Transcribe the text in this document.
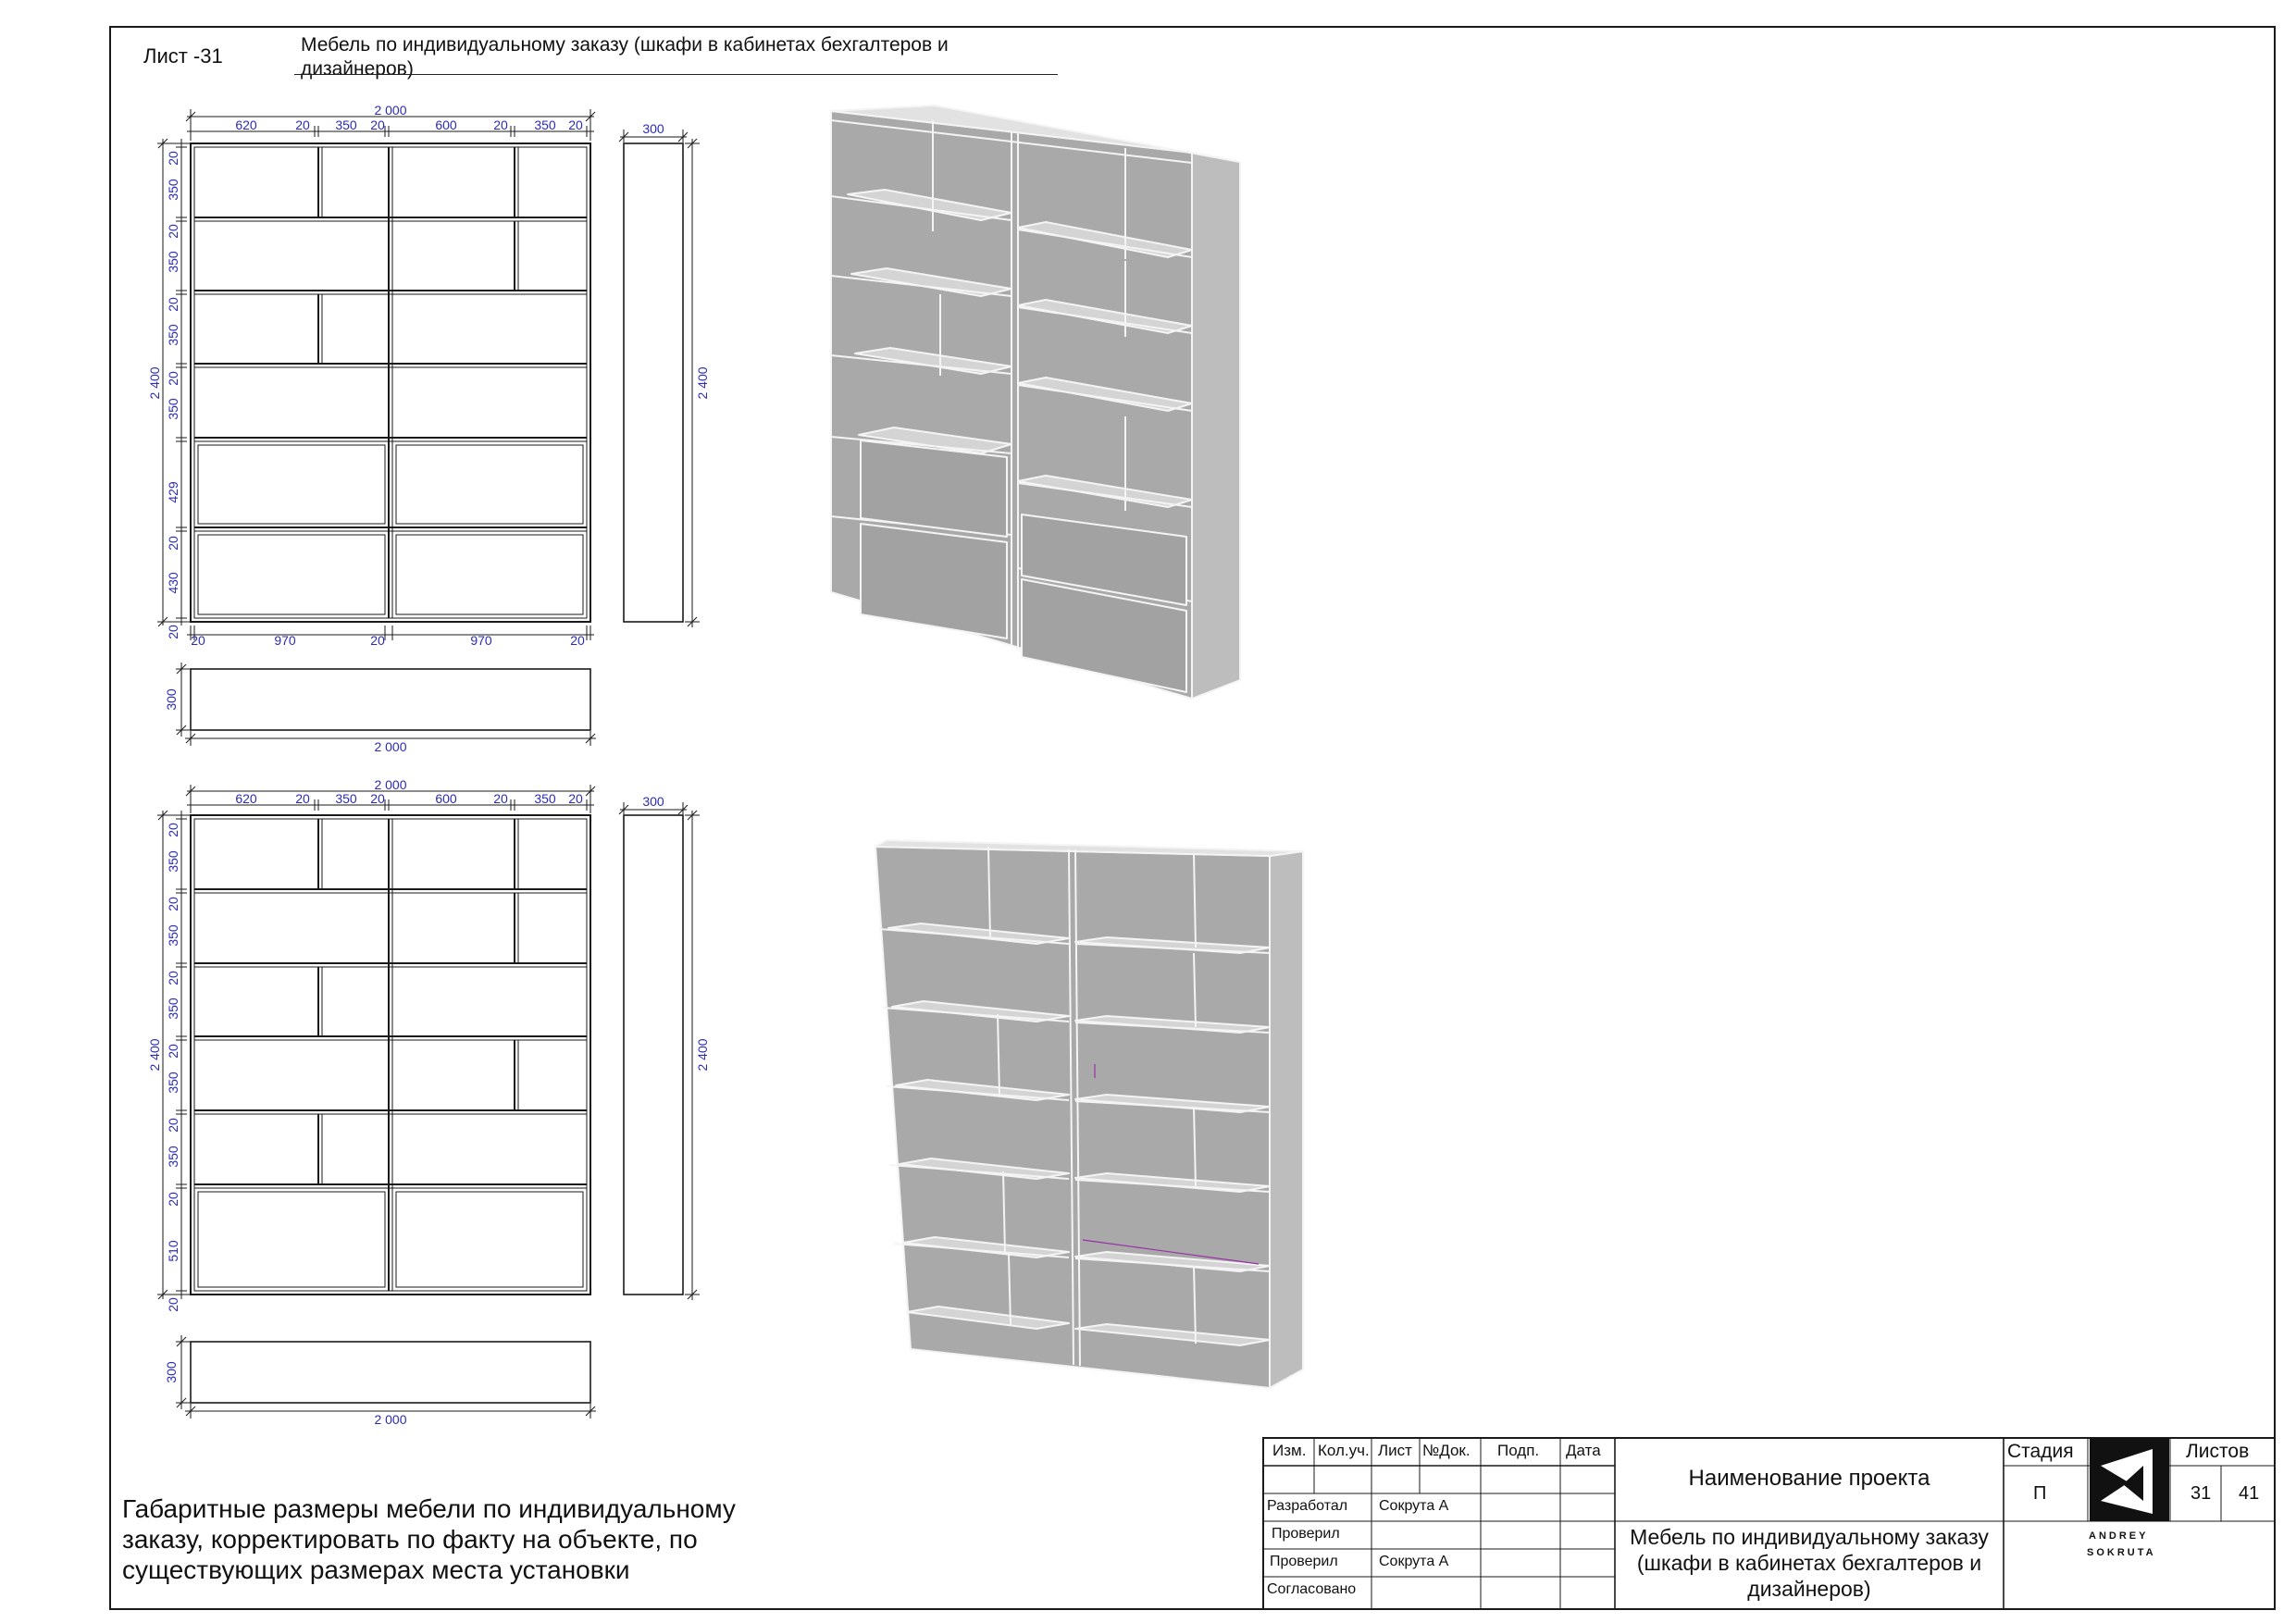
Лист -31	Мебель по индивидуальному заказу (шкафи в кабинетах бехгалтеров и дизайнеров)
2 000
620	20 350 20	600	20 350 20
20
350
20
350
20
350
20
350
429
20
430
20
2 400
20	970	20	970	20
300
2 400
300
2 000
2 000
620	20 350 20	600	20 350 20
20
350
20
350
20
350
20
350
20
350
20
510
20
2 400
300
2 400
300
2 000
Габаритные размеры мебели по индивидуальному заказу, корректировать по факту на объекте, по существующих размерах места установки
Изм. Кол.уч. Лист №Док. Подп. Дата
Разработал Сокрута А
Проверил
Проверил	Сокрута А
Согласовано
Наименование проекта
Мебель по индивидуальному заказу (шкафи в кабинетах бехгалтеров и дизайнеров)
Стадия	Листов
П	31 41
ANDREY
SOKRUTA
